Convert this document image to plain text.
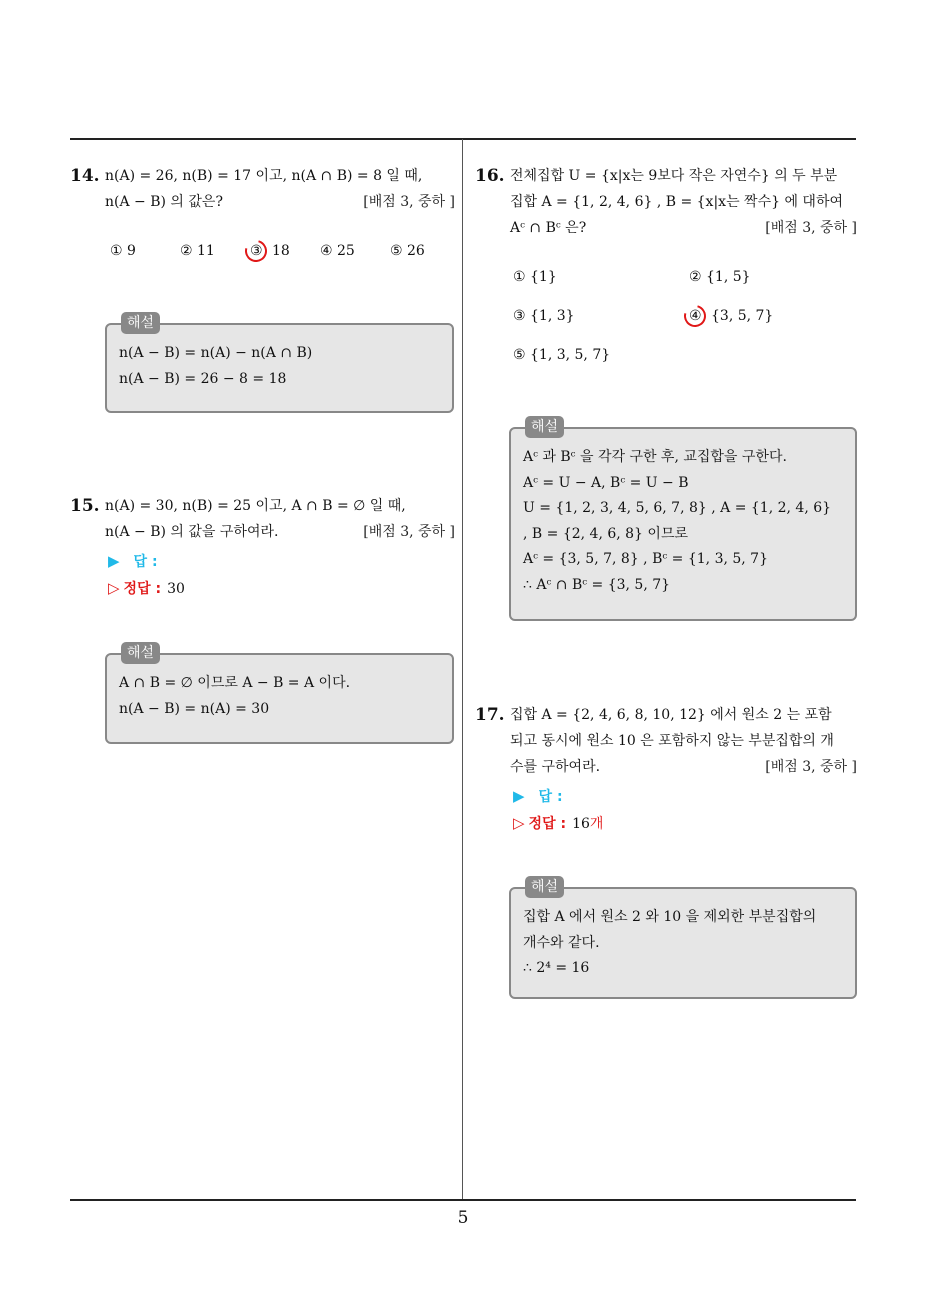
5
14. n(A) = 26, n(B) = 17 이고, n(A ∩ B) = 8 일 때,
n(A − B) 의 값은?	[배점 3, 중하 ]
① 9	② 11	③ 18 ④ 25	⑤ 26
해설
n(A − B) = n(A) − n(A ∩ B)
n(A − B) = 26 − 8 = 18
15. n(A) = 30, n(B) = 25 이고, A ∩ B = ∅ 일 때,
n(A − B) 의 값을 구하여라.	[배점 3, 중하 ]
▶ 답 :
▷ 정답 : 30
해설
A ∩ B = ∅ 이므로 A − B = A 이다.
n(A − B) = n(A) = 30
16. 전체집합 U = {x|x는 9보다 작은 자연수} 의 두 부분
집합 A = {1, 2, 4, 6} , B = {x|x는 짝수} 에 대하여
Aᶜ ∩ Bᶜ 은?	[배점 3, 중하 ]
① {1}	② {1, 5}
③ {1, 3}	④ {3, 5, 7}
⑤ {1, 3, 5, 7}
해설
Aᶜ 과 Bᶜ 을 각각 구한 후, 교집합을 구한다.
Aᶜ = U − A, Bᶜ = U − B
U = {1, 2, 3, 4, 5, 6, 7, 8} , A = {1, 2, 4, 6}
, B = {2, 4, 6, 8} 이므로
Aᶜ = {3, 5, 7, 8} , Bᶜ = {1, 3, 5, 7}
∴ Aᶜ ∩ Bᶜ = {3, 5, 7}
17. 집합 A = {2, 4, 6, 8, 10, 12} 에서 원소 2 는 포함
되고 동시에 원소 10 은 포함하지 않는 부분집합의 개
수를 구하여라.	[배점 3, 중하 ]
▶ 답 :
▷ 정답 : 16개
해설
집합 A 에서 원소 2 와 10 을 제외한 부분집합의
개수와 같다.
∴ 2⁴ = 16
